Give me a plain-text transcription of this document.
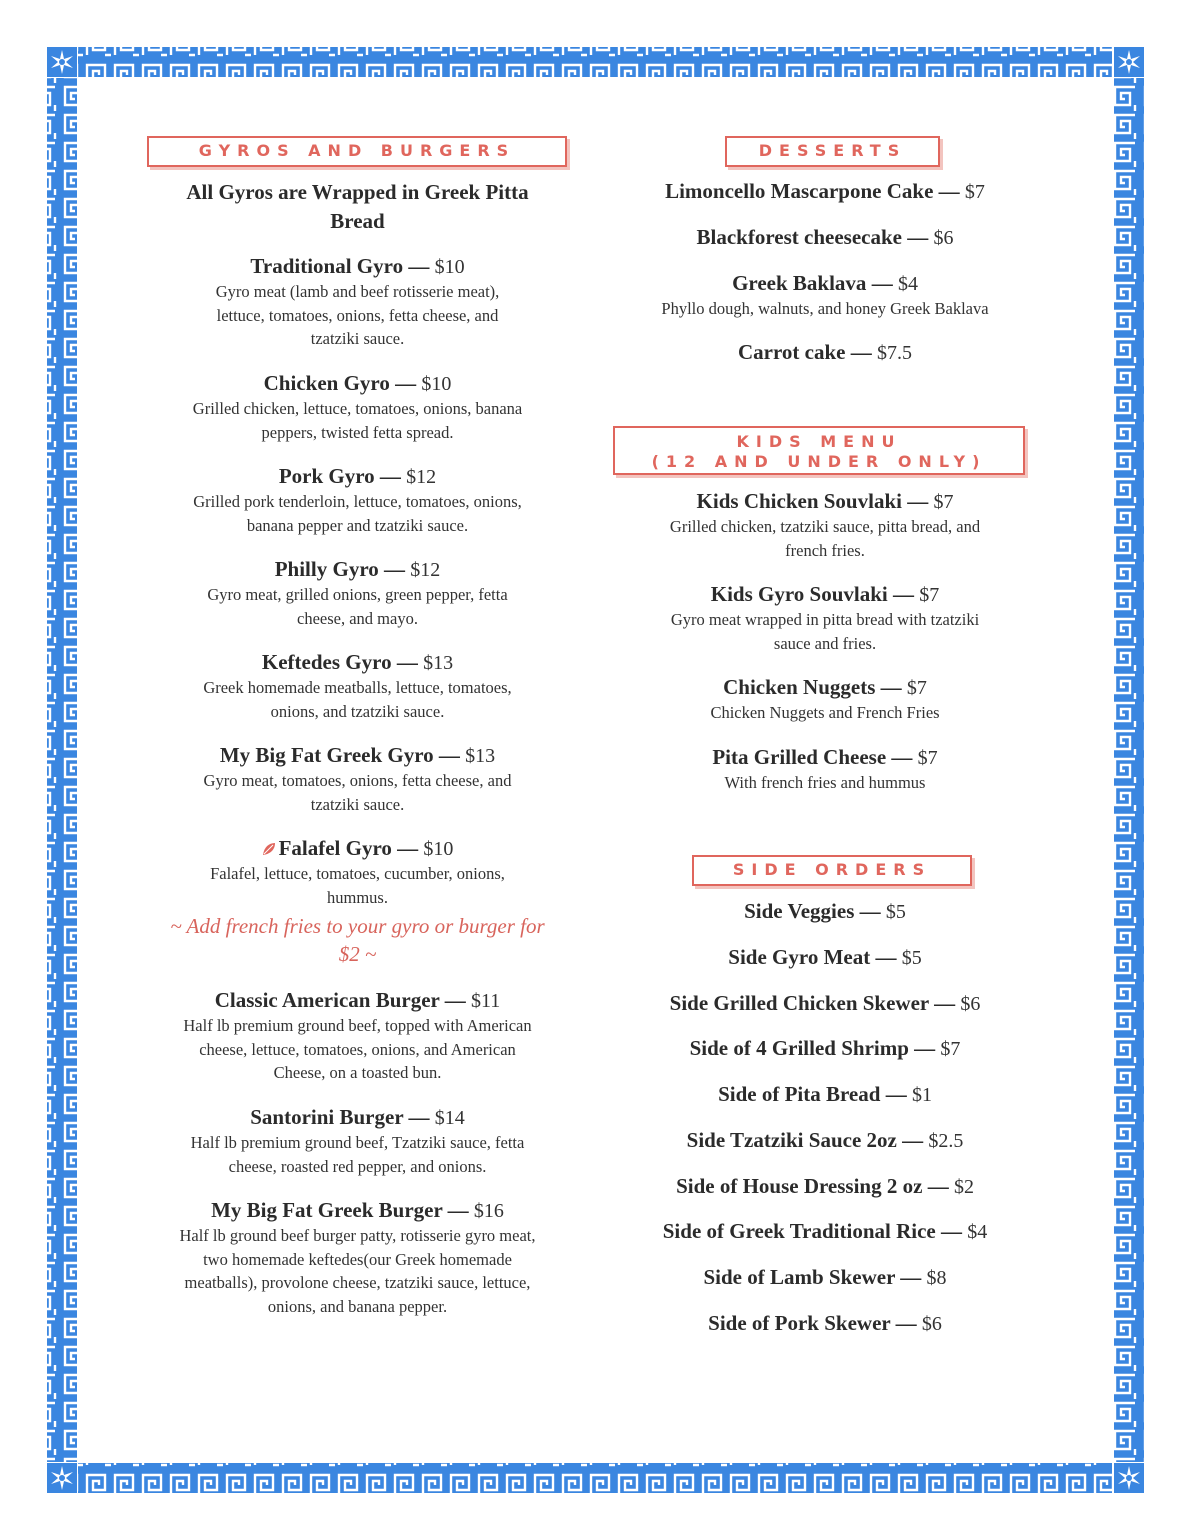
GYROS AND BURGERS
All Gyros are Wrapped in Greek Pitta Bread
Traditional Gyro — $10
Gyro meat (lamb and beef rotisserie meat), lettuce, tomatoes, onions, fetta cheese, and tzatziki sauce.
Chicken Gyro — $10
Grilled chicken, lettuce, tomatoes, onions, banana peppers, twisted fetta spread.
Pork Gyro — $12
Grilled pork tenderloin, lettuce, tomatoes, onions, banana pepper and tzatziki sauce.
Philly Gyro — $12
Gyro meat, grilled onions, green pepper, fetta cheese, and mayo.
Keftedes Gyro — $13
Greek homemade meatballs, lettuce, tomatoes, onions, and tzatziki sauce.
My Big Fat Greek Gyro — $13
Gyro meat, tomatoes, onions, fetta cheese, and tzatziki sauce.
Falafel Gyro — $10
Falafel, lettuce, tomatoes, cucumber, onions, hummus.
~ Add french fries to your gyro or burger for $2 ~
Classic American Burger — $11
Half lb premium ground beef, topped with American cheese, lettuce, tomatoes, onions, and American Cheese, on a toasted bun.
Santorini Burger — $14
Half lb premium ground beef, Tzatziki sauce, fetta cheese, roasted red pepper, and onions.
My Big Fat Greek Burger — $16
Half lb ground beef burger patty, rotisserie gyro meat, two homemade keftedes(our Greek homemade meatballs), provolone cheese, tzatziki sauce, lettuce, onions, and banana pepper.
DESSERTS
Limoncello Mascarpone Cake — $7
Blackforest cheesecake — $6
Greek Baklava — $4
Phyllo dough, walnuts, and honey Greek Baklava
Carrot cake — $7.5
KIDS MENU
(12 AND UNDER ONLY)
Kids Chicken Souvlaki — $7
Grilled chicken, tzatziki sauce, pitta bread, and french fries.
Kids Gyro Souvlaki — $7
Gyro meat wrapped in pitta bread with tzatziki sauce and fries.
Chicken Nuggets — $7
Chicken Nuggets and French Fries
Pita Grilled Cheese — $7
With french fries and hummus
SIDE ORDERS
Side Veggies — $5
Side Gyro Meat — $5
Side Grilled Chicken Skewer — $6
Side of 4 Grilled Shrimp — $7
Side of Pita Bread — $1
Side Tzatziki Sauce 2oz — $2.5
Side of House Dressing 2 oz — $2
Side of Greek Traditional Rice — $4
Side of Lamb Skewer — $8
Side of Pork Skewer — $6
